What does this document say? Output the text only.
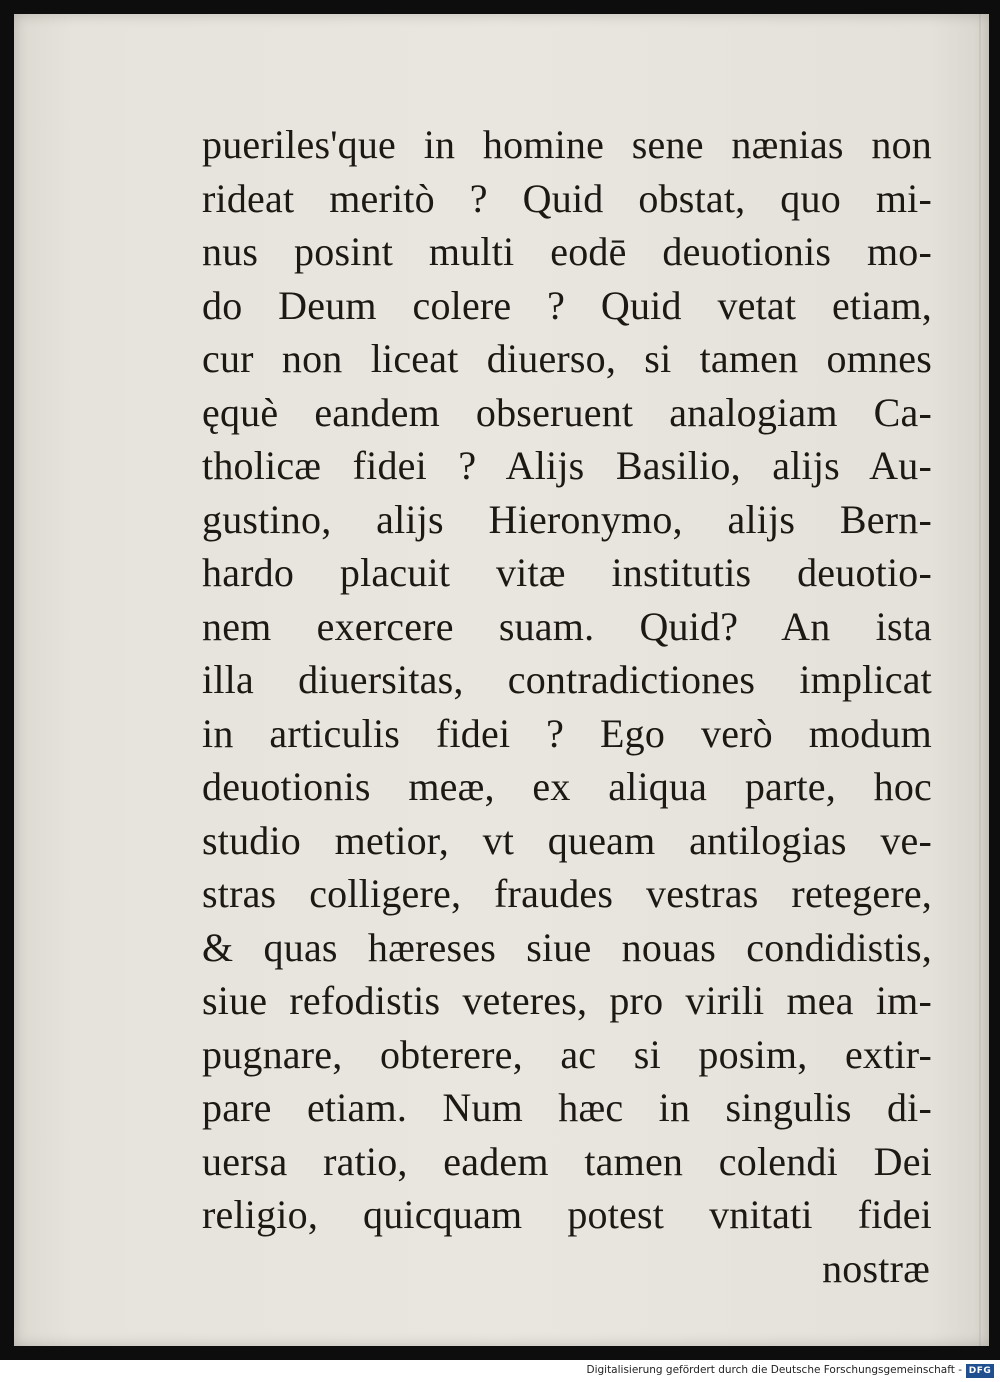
pueriles'que in homine sene nænias non
rideat meritò ? Quid obstat, quo mi-
nus posint multi eodē deuotionis mo-
do Deum colere ? Quid vetat etiam,
cur non liceat diuerso, si tamen omnes
ęquè eandem obseruent analogiam Ca-
tholicæ fidei ? Alijs Basilio, alijs Au-
gustino, alijs Hieronymo, alijs Bern-
hardo placuit vitæ institutis deuotio-
nem exercere suam. Quid? An ista
illa diuersitas, contradictiones implicat
in articulis fidei ? Ego verò modum
deuotionis meæ, ex aliqua parte, hoc
studio metior, vt queam antilogias ve-
stras colligere, fraudes vestras retegere,
& quas hæreses siue nouas condidistis,
siue refodistis veteres, pro virili mea im-
pugnare, obterere, ac si posim, extir-
pare etiam. Num hæc in singulis di-
uersa ratio, eadem tamen colendi Dei
religio, quicquam potest vnitati fidei
nostræ
Digitalisierung gefördert durch die Deutsche Forschungsgemeinschaft - DFG
